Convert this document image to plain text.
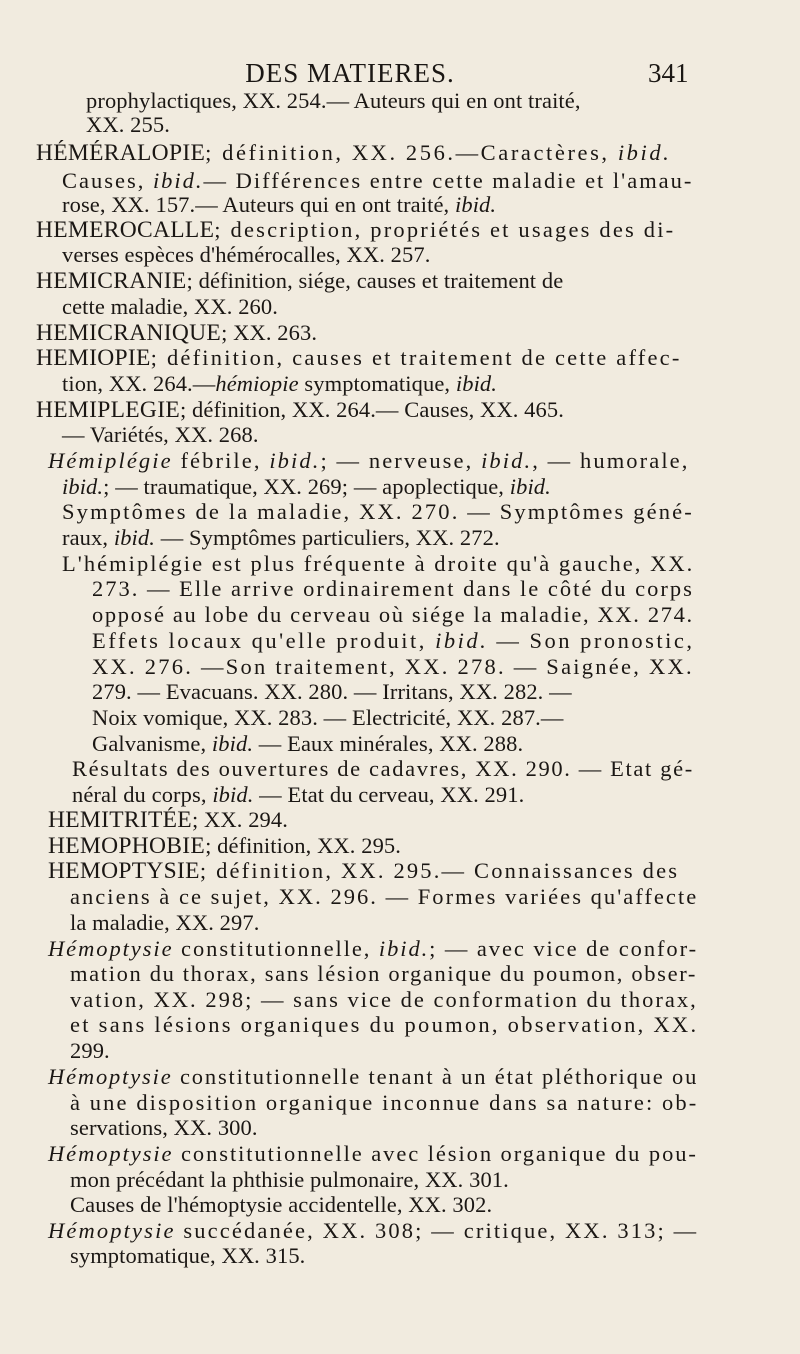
DES MATIERES.	341
prophylactiques, XX. 254.— Auteurs qui en ont traité,
XX. 255.
HÉMÉRALOPIE; définition, XX. 256.—Caractères, ibid.
Causes, ibid.— Différences entre cette maladie et l'amau-
rose, XX. 157.— Auteurs qui en ont traité, ibid.
HEMEROCALLE; description, propriétés et usages des di-
verses espèces d'hémérocalles, XX. 257.
HEMICRANIE; définition, siége, causes et traitement de
cette maladie, XX. 260.
HEMICRANIQUE; XX. 263.
HEMIOPIE; définition, causes et traitement de cette affec-
tion, XX. 264.—hémiopie symptomatique, ibid.
HEMIPLEGIE; définition, XX. 264.— Causes, XX. 465.
— Variétés, XX. 268.
Hémiplégie fébrile, ibid.; — nerveuse, ibid., — humorale,
ibid.; — traumatique, XX. 269; — apoplectique, ibid.
Symptômes de la maladie, XX. 270. — Symptômes géné-
raux, ibid. — Symptômes particuliers, XX. 272.
L'hémiplégie est plus fréquente à droite qu'à gauche, XX.
273. — Elle arrive ordinairement dans le côté du corps
opposé au lobe du cerveau où siége la maladie, XX. 274.
Effets locaux qu'elle produit, ibid. — Son pronostic,
XX. 276. —Son traitement, XX. 278. — Saignée, XX.
279. — Evacuans. XX. 280. — Irritans, XX. 282. —
Noix vomique, XX. 283. — Electricité, XX. 287.—
Galvanisme, ibid. — Eaux minérales, XX. 288.
Résultats des ouvertures de cadavres, XX. 290. — Etat gé-
néral du corps, ibid. — Etat du cerveau, XX. 291.
HEMITRITÉE; XX. 294.
HEMOPHOBIE; définition, XX. 295.
HEMOPTYSIE; définition, XX. 295.— Connaissances des
anciens à ce sujet, XX. 296. — Formes variées qu'affecte
la maladie, XX. 297.
Hémoptysie constitutionnelle, ibid.; — avec vice de confor-
mation du thorax, sans lésion organique du poumon, obser-
vation, XX. 298; — sans vice de conformation du thorax,
et sans lésions organiques du poumon, observation, XX.
299.
Hémoptysie constitutionnelle tenant à un état pléthorique ou
à une disposition organique inconnue dans sa nature: ob-
servations, XX. 300.
Hémoptysie constitutionnelle avec lésion organique du pou-
mon précédant la phthisie pulmonaire, XX. 301.
Causes de l'hémoptysie accidentelle, XX. 302.
Hémoptysie succédanée, XX. 308; — critique, XX. 313; —
symptomatique, XX. 315.
